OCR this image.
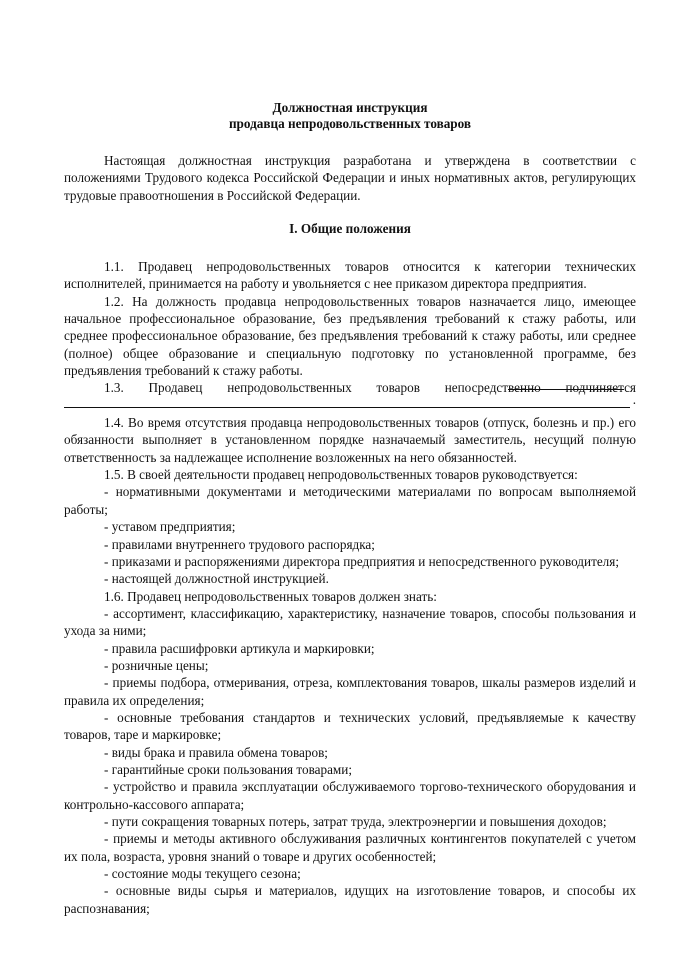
Должностная инструкция

продавца непродовольственных товаров

Настоящая должностная инструкция разработана и утверждена в соответствии с положениями Трудового кодекса Российской Федерации и иных нормативных актов, регулирующих трудовые правоотношения в Российской Федерации.

I. Общие положения

1.1. Продавец непродовольственных товаров относится к категории технических исполнителей, принимается на работу и увольняется с нее приказом директора предприятия.

1.2. На должность продавца непродовольственных товаров назначается лицо, имеющее начальное профессиональное образование, без предъявления требований к стажу работы, или среднее профессиональное образование, без предъявления требований к стажу работы, или среднее (полное) общее образование и специальную подготовку по установленной программе, без предъявления требований к стажу работы.

1.3. Продавец непродовольственных товаров непосредственно подчиняется
.

1.4. Во время отсутствия продавца непродовольственных товаров (отпуск, болезнь и пр.) его обязанности выполняет в установленном порядке назначаемый заместитель, несущий полную ответственность за надлежащее исполнение возложенных на него обязанностей.

1.5. В своей деятельности продавец непродовольственных товаров руководствуется:

- нормативными документами и методическими материалами по вопросам выполняемой работы;

- уставом предприятия;

- правилами внутреннего трудового распорядка;

- приказами и распоряжениями директора предприятия и непосредственного руководителя;

- настоящей должностной инструкцией.

1.6. Продавец непродовольственных товаров должен знать:

- ассортимент, классификацию, характеристику, назначение товаров, способы пользования и ухода за ними;

- правила расшифровки артикула и маркировки;

- розничные цены;

- приемы подбора, отмеривания, отреза, комплектования товаров, шкалы размеров изделий и правила их определения;

- основные требования стандартов и технических условий, предъявляемые к качеству товаров, таре и маркировке;

- виды брака и правила обмена товаров;

- гарантийные сроки пользования товарами;

- устройство и правила эксплуатации обслуживаемого торгово-технического оборудования и контрольно-кассового аппарата;

- пути сокращения товарных потерь, затрат труда, электроэнергии и повышения доходов;

- приемы и методы активного обслуживания различных контингентов покупателей с учетом их пола, возраста, уровня знаний о товаре и других особенностей;

- состояние моды текущего сезона;

- основные виды сырья и материалов, идущих на изготовление товаров, и способы их распознавания;
